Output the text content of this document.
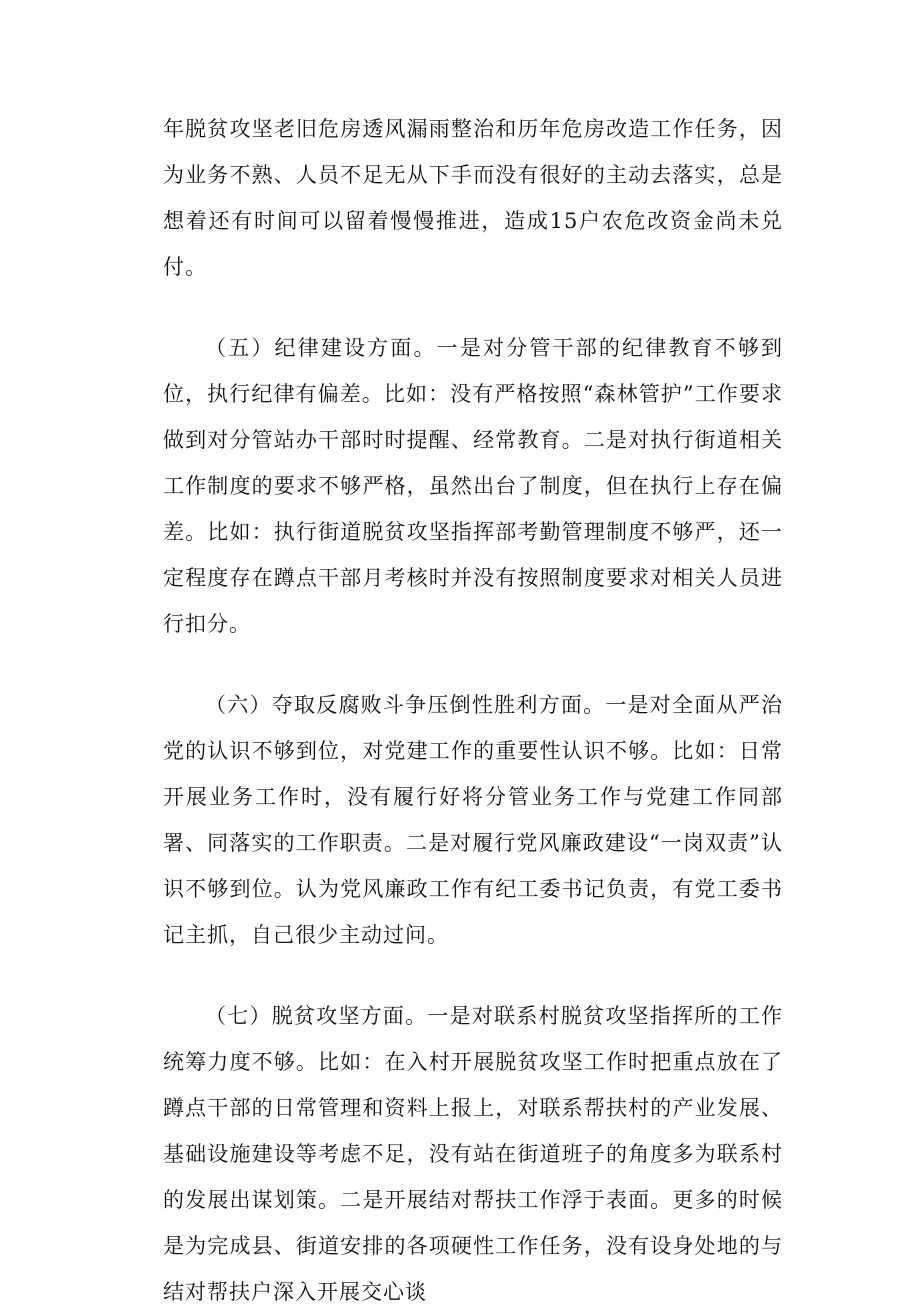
年脱贫攻坚老旧危房透风漏雨整治和历年危房改造工作任务，因为业务不熟、人员不足无从下手而没有很好的主动去落实，总是想着还有时间可以留着慢慢推进，造成15户农危改资金尚未兑付。

（五）纪律建设方面。一是对分管干部的纪律教育不够到位，执行纪律有偏差。比如：没有严格按照“森林管护”工作要求做到对分管站办干部时时提醒、经常教育。二是对执行街道相关工作制度的要求不够严格，虽然出台了制度，但在执行上存在偏差。比如：执行街道脱贫攻坚指挥部考勤管理制度不够严，还一定程度存在蹲点干部月考核时并没有按照制度要求对相关人员进行扣分。

（六）夺取反腐败斗争压倒性胜利方面。一是对全面从严治党的认识不够到位，对党建工作的重要性认识不够。比如：日常开展业务工作时，没有履行好将分管业务工作与党建工作同部署、同落实的工作职责。二是对履行党风廉政建设“一岗双责”认识不够到位。认为党风廉政工作有纪工委书记负责，有党工委书记主抓，自己很少主动过问。

（七）脱贫攻坚方面。一是对联系村脱贫攻坚指挥所的工作统筹力度不够。比如：在入村开展脱贫攻坚工作时把重点放在了蹲点干部的日常管理和资料上报上，对联系帮扶村的产业发展、基础设施建设等考虑不足，没有站在街道班子的角度多为联系村的发展出谋划策。二是开展结对帮扶工作浮于表面。更多的时候是为完成县、街道安排的各项硬性工作任务，没有设身处地的与结对帮扶户深入开展交心谈
